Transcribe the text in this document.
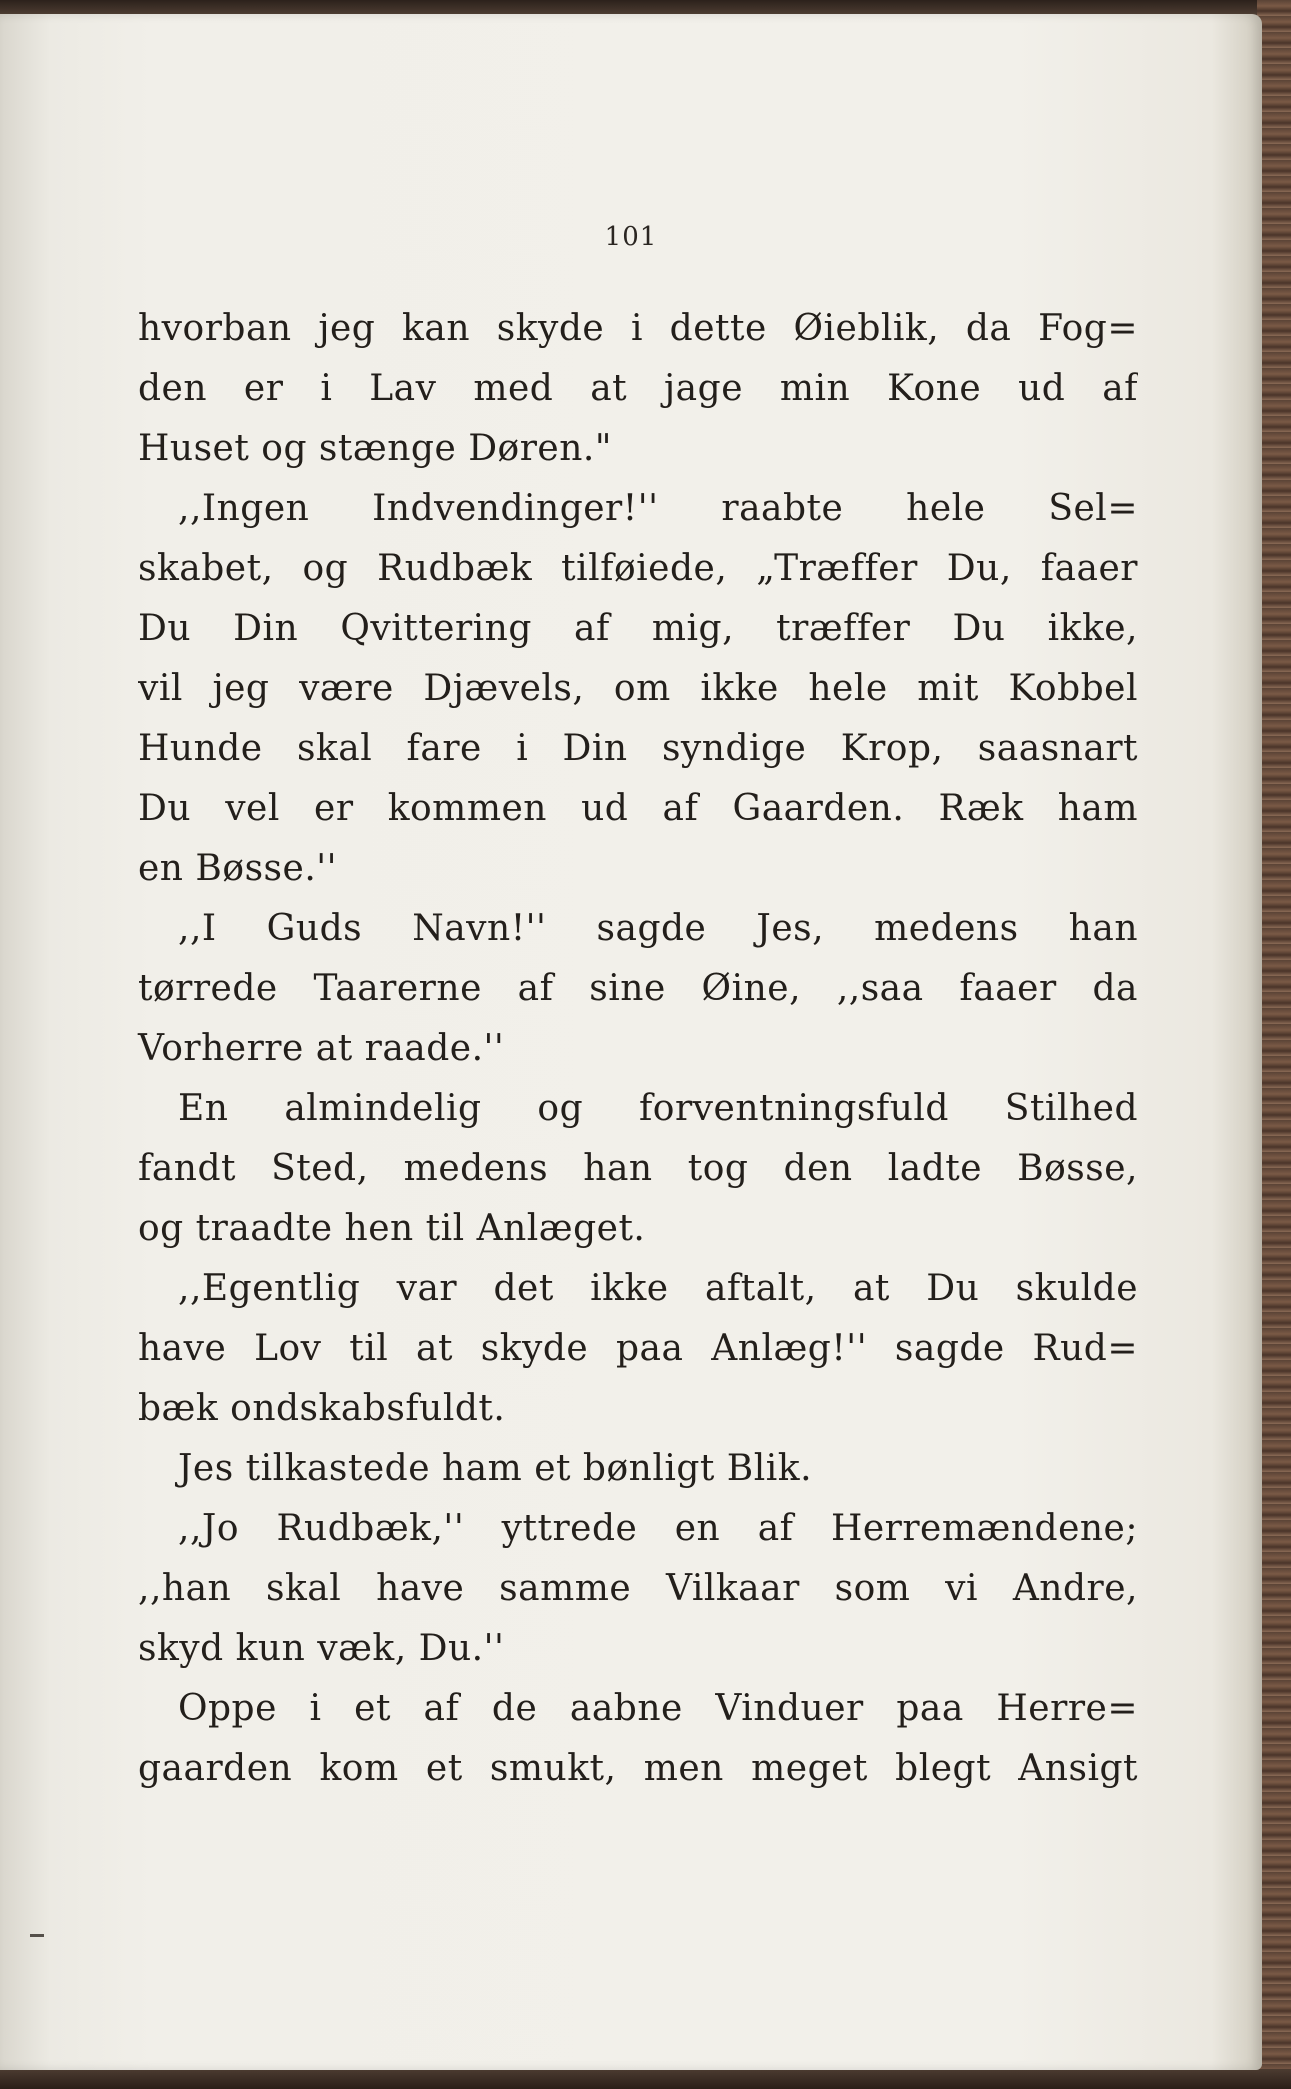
101
hvorban jeg kan skyde i dette Øieblik, da Fog=
den er i Lav med at jage min Kone ud af
Huset og stænge Døren."
,,Ingen Indvendinger!'' raabte hele Sel=
skabet, og Rudbæk tilføiede, „Træffer Du, faaer
Du Din Qvittering af mig, træffer Du ikke,
vil jeg være Djævels, om ikke hele mit Kobbel
Hunde skal fare i Din syndige Krop, saasnart
Du vel er kommen ud af Gaarden. Ræk ham
en Bøsse.''
,,I Guds Navn!'' sagde Jes, medens han
tørrede Taarerne af sine Øine, ,,saa faaer da
Vorherre at raade.''
En almindelig og forventningsfuld Stilhed
fandt Sted, medens han tog den ladte Bøsse,
og traadte hen til Anlæget.
,,Egentlig var det ikke aftalt, at Du skulde
have Lov til at skyde paa Anlæg!'' sagde Rud=
bæk ondskabsfuldt.
Jes tilkastede ham et bønligt Blik.
,,Jo Rudbæk,'' yttrede en af Herremændene;
,,han skal have samme Vilkaar som vi Andre,
skyd kun væk, Du.''
Oppe i et af de aabne Vinduer paa Herre=
gaarden kom et smukt, men meget blegt Ansigt
